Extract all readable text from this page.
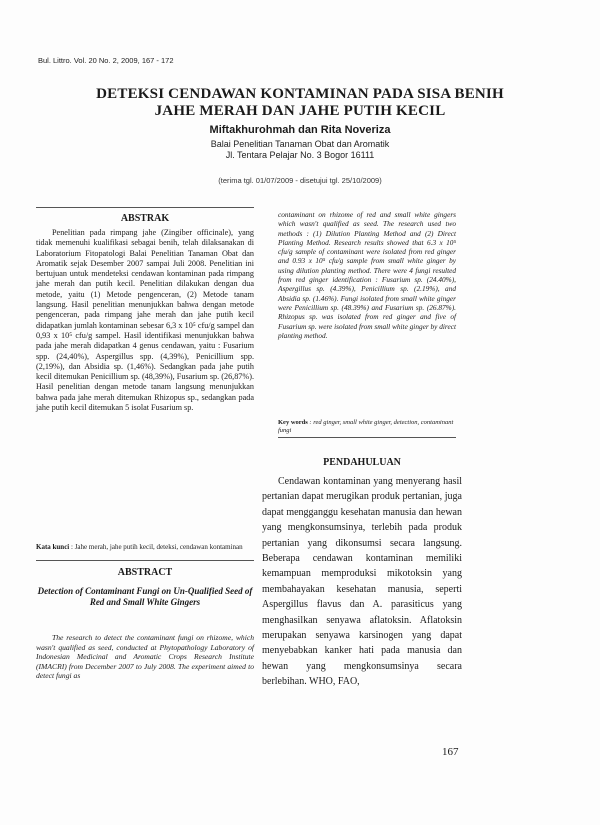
Bul. Littro. Vol. 20 No. 2, 2009, 167 - 172
DETEKSI CENDAWAN KONTAMINAN PADA SISA BENIH
JAHE MERAH DAN JAHE PUTIH KECIL
Miftakhurohmah dan Rita Noveriza
Balai Penelitian Tanaman Obat dan Aromatik
Jl. Tentara Pelajar No. 3 Bogor 16111
(terima tgl. 01/07/2009 - disetujui tgl. 25/10/2009)
ABSTRAK

Penelitian pada rimpang jahe (Zingiber officinale), yang tidak memenuhi kualifikasi sebagai benih, telah dilaksanakan di Laboratorium Fitopatologi Balai Penelitian Tanaman Obat dan Aromatik sejak Desember 2007 sampai Juli 2008. Penelitian ini bertujuan untuk mendeteksi cendawan kontaminan pada rimpang jahe merah dan putih kecil. Penelitian dilakukan dengan dua metode, yaitu (1) Metode pengenceran, (2) Metode tanam langsung. Hasil penelitian menunjukkan bahwa dengan metode pengenceran, pada rimpang jahe merah dan jahe putih kecil didapatkan jumlah kontaminan sebesar 6,3 x 10⁵ cfu/g sampel dan 0,93 x 10⁵ cfu/g sampel. Hasil identifikasi menunjukkan bahwa pada jahe merah didapatkan 4 genus cendawan, yaitu : Fusarium spp. (24,40%), Aspergillus spp. (4,39%), Penicillium spp. (2,19%), dan Absidia sp. (1,46%). Sedangkan pada jahe putih kecil ditemukan Penicillium sp. (48,39%), Fusarium sp. (26,87%). Hasil penelitian dengan metode tanam langsung menunjukkan bahwa pada jahe merah ditemukan Rhizopus sp., sedangkan pada jahe putih kecil ditemukan 5 isolat Fusarium sp.

Kata kunci : Jahe merah, jahe putih kecil, deteksi, cendawan kontaminan
ABSTRACT
Detection of Contaminant Fungi on Un-Qualified Seed of Red and Small White Gingers

The research to detect the contaminant fungi on rhizome, which wasn't qualified as seed, conducted at Phytopathology Laboratory of Indonesian Medicinal and Aromatic Crops Research Institute (IMACRI) from December 2007 to July 2008. The experiment aimed to detect fungi as

contaminant on rhizome of red and small white gingers which wasn't qualified as seed. The research used two methods : (1) Dilution Planting Method and (2) Direct Planting Method. Research results showed that 6.3 x 10⁵ cfu/g sample of contaminant were isolated from red ginger and 0.93 x 10⁵ cfu/g sample from small white ginger by using dilution planting method. There were 4 fungi resulted from red ginger identification : Fusarium sp. (24.40%), Aspergillus sp. (4.39%), Penicillium sp. (2.19%), and Absidia sp. (1.46%). Fungi isolated from small white ginger were Penicillium sp. (48.39%) and Fusarium sp. (26.87%). Rhizopus sp. was isolated from red ginger and five of Fusarium sp. were isolated from small white ginger by direct planting method.

Key words : red ginger, small white ginger, detection, contaminant fungi
PENDAHULUAN

Cendawan kontaminan yang menyerang hasil pertanian dapat merugikan produk pertanian, juga dapat mengganggu kesehatan manusia dan hewan yang mengkonsumsinya, terlebih pada produk pertanian yang dikonsumsi secara langsung. Beberapa cendawan kontaminan memiliki kemampuan memproduksi mikotoksin yang membahayakan kesehatan manusia, seperti Aspergillus flavus dan A. parasiticus yang menghasilkan senyawa aflatoksin. Aflatoksin merupakan senyawa karsinogen yang dapat menyebabkan kanker hati pada manusia dan hewan yang mengkonsumsinya secara berlebihan. WHO, FAO,

167
